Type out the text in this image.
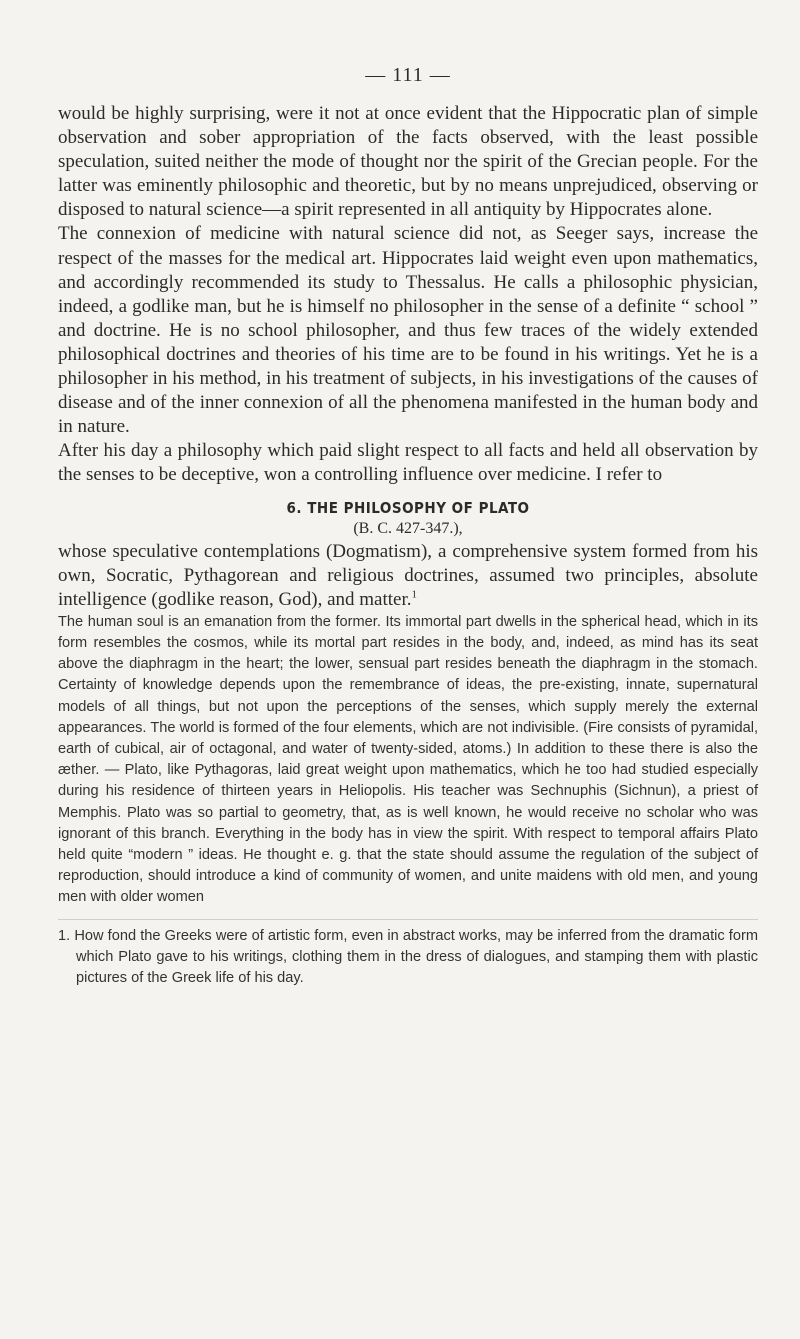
— 111 —

would be highly surprising, were it not at once evident that the Hippocratic plan of simple observation and sober appropriation of the facts observed, with the least possible speculation, suited neither the mode of thought nor the spirit of the Grecian people. For the latter was eminently philosophic and theoretic, but by no means unprejudiced, observing or disposed to natural science—a spirit represented in all antiquity by Hippocrates alone.

The connexion of medicine with natural science did not, as Seeger says, increase the respect of the masses for the medical art. Hippocrates laid weight even upon mathematics, and accordingly recommended its study to Thessalus. He calls a philosophic physician, indeed, a godlike man, but he is himself no philosopher in the sense of a definite “ school ” and doctrine. He is no school philosopher, and thus few traces of the widely extended philosophical doctrines and theories of his time are to be found in his writings. Yet he is a philosopher in his method, in his treatment of subjects, in his investigations of the causes of disease and of the inner connexion of all the phenomena manifested in the human body and in nature.

After his day a philosophy which paid slight respect to all facts and held all observation by the senses to be deceptive, won a controlling influence over medicine. I refer to

6. THE PHILOSOPHY OF PLATO
(B. C. 427-347.),

whose speculative contemplations (Dogmatism), a comprehensive system formed from his own, Socratic, Pythagorean and religious doctrines, assumed two principles, absolute intelligence (godlike reason, God), and matter.$^1$

The human soul is an emanation from the former. Its immortal part dwells in the spherical head, which in its form resembles the cosmos, while its mortal part resides in the body, and, indeed, as mind has its seat above the diaphragm in the heart; the lower, sensual part resides beneath the diaphragm in the stomach. Certainty of knowledge depends upon the remembrance of ideas, the pre-existing, innate, supernatural models of all things, but not upon the perceptions of the senses, which supply merely the external appearances. The world is formed of the four elements, which are not indivisible. (Fire consists of pyramidal, earth of cubical, air of octagonal, and water of twenty-sided, atoms.) In addition to these there is also the æther. — Plato, like Pythagoras, laid great weight upon mathematics, which he too had studied especially during his residence of thirteen years in Heliopolis. His teacher was Sechnuphis (Sichnun), a priest of Memphis. Plato was so partial to geometry, that, as is well known, he would receive no scholar who was ignorant of this branch. Everything in the body has in view the spirit. With respect to temporal affairs Plato held quite “modern ” ideas. He thought e. g. that the state should assume the regulation of the subject of reproduction, should introduce a kind of community of women, and unite maidens with old men, and young men with older women

1. How fond the Greeks were of artistic form, even in abstract works, may be inferred from the dramatic form which Plato gave to his writings, clothing them in the dress of dialogues, and stamping them with plastic pictures of the Greek life of his day.
